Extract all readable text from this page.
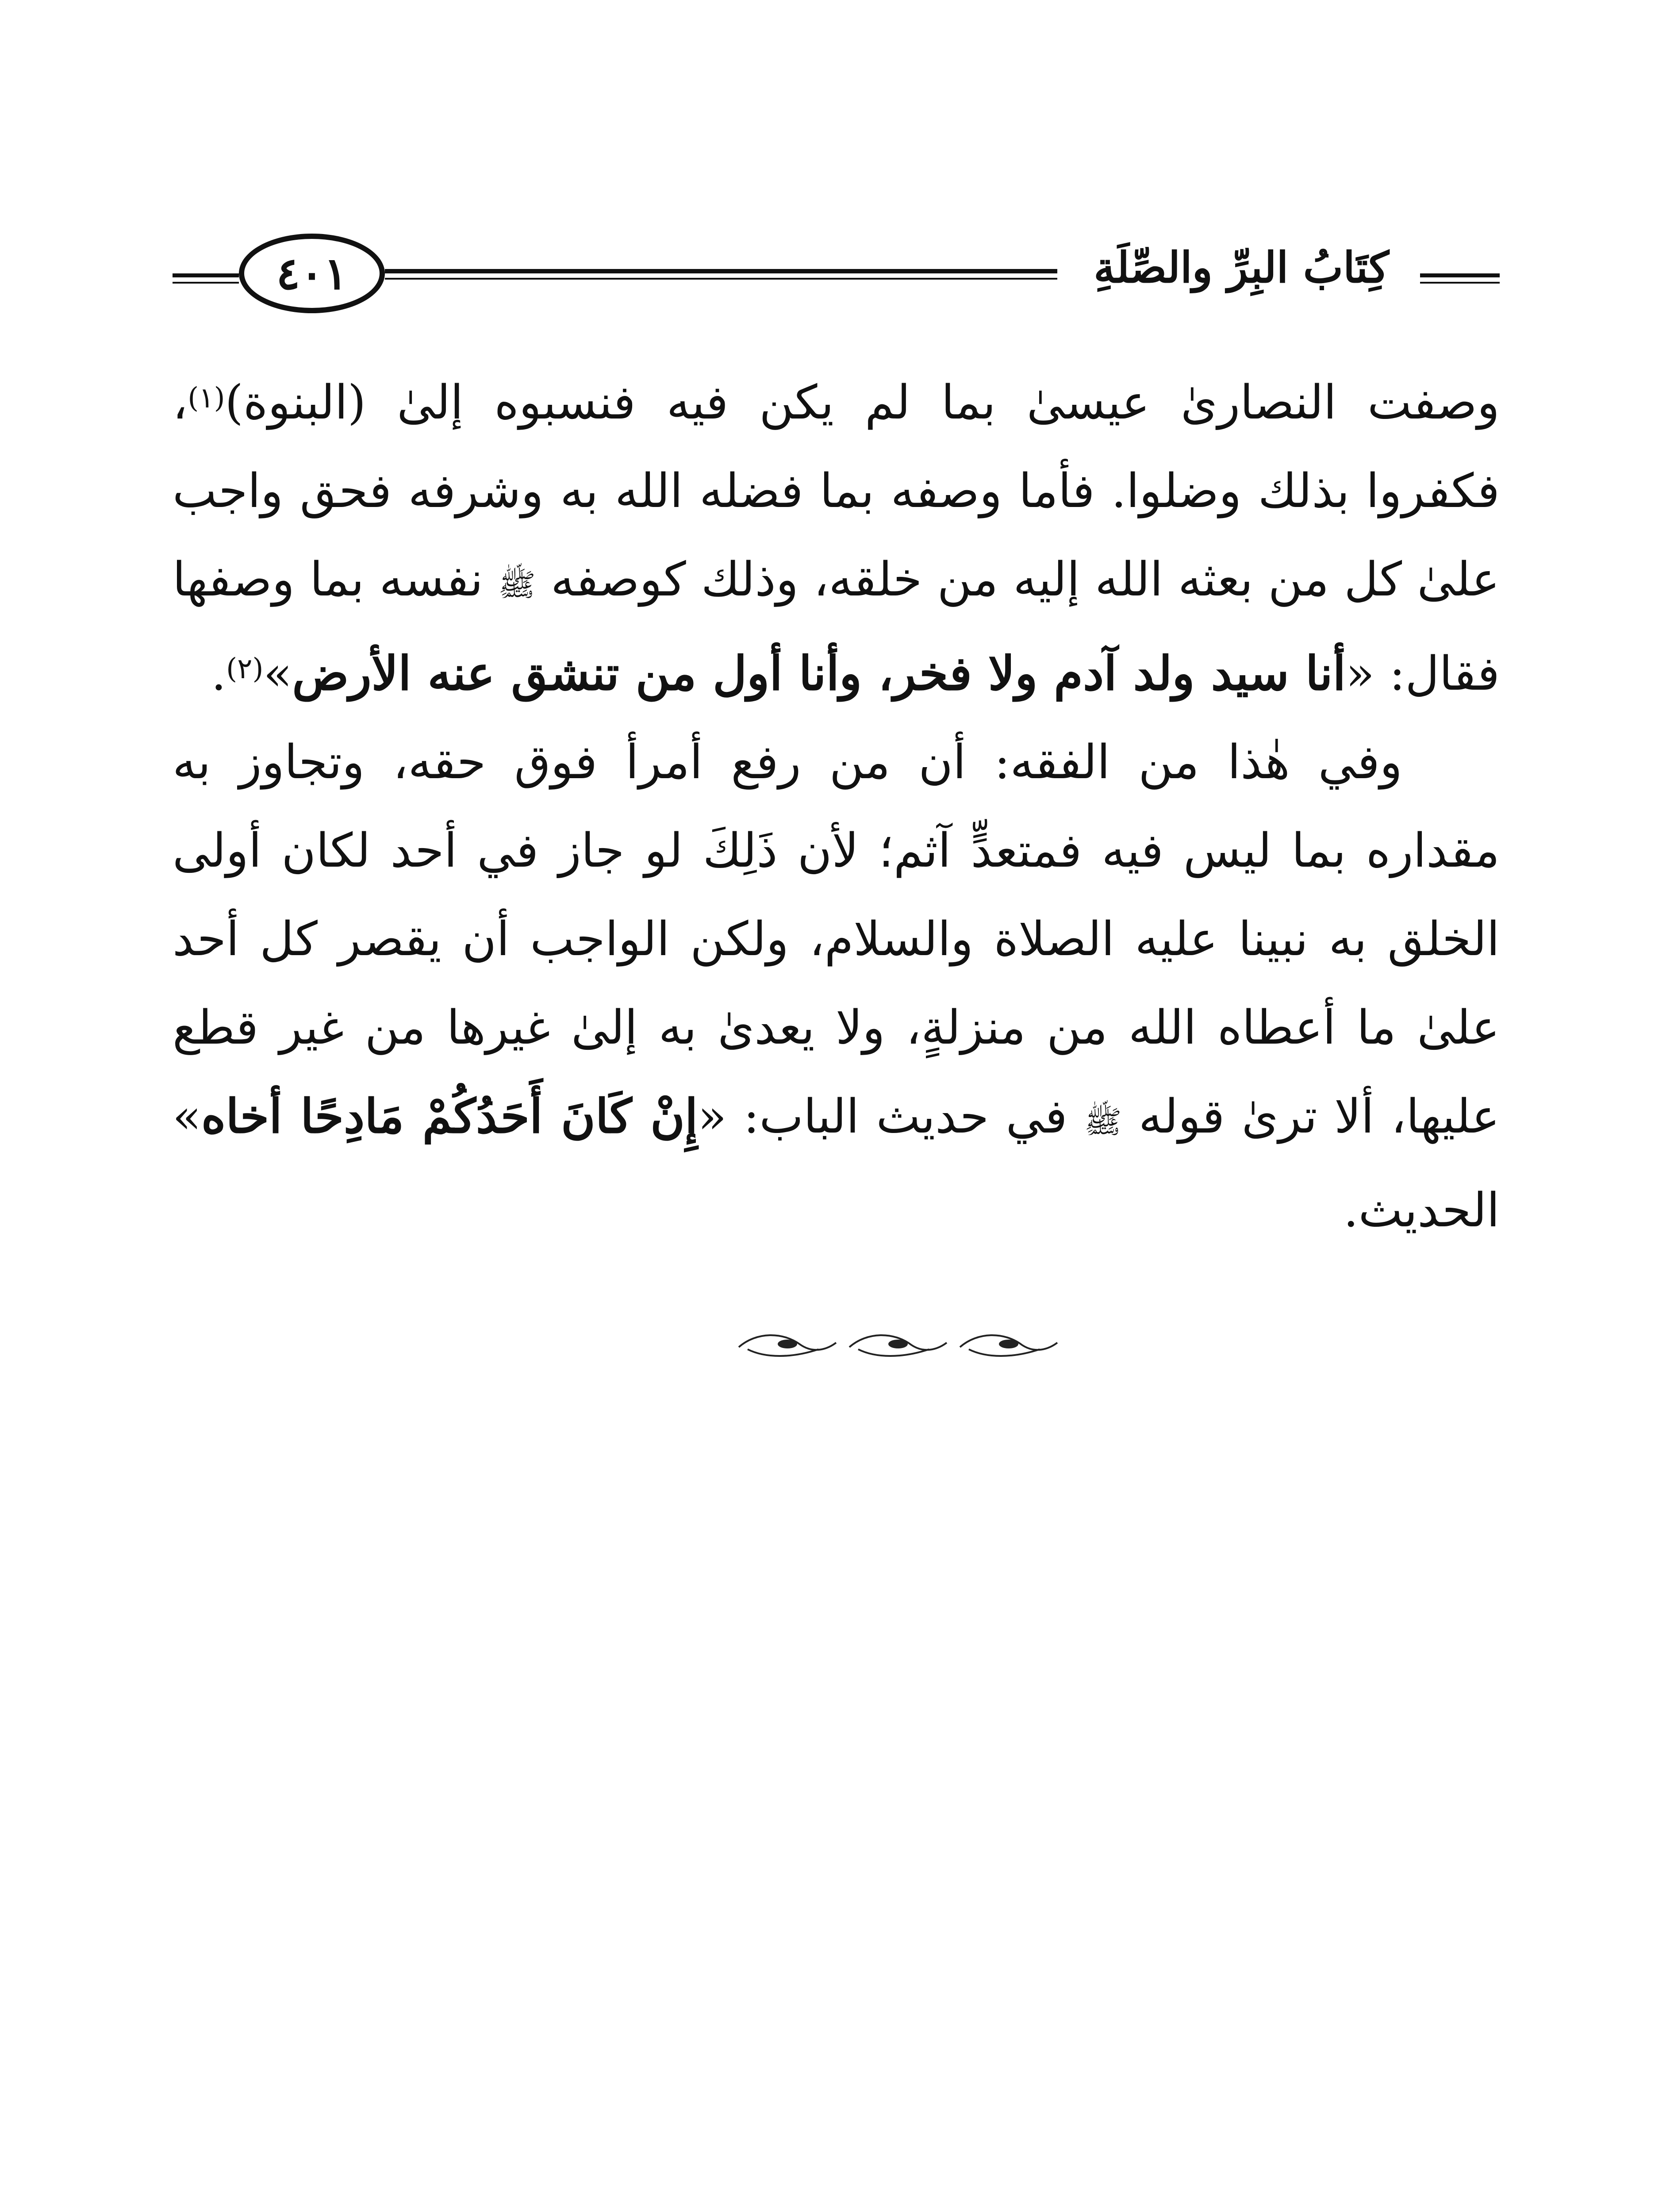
كِتَابُ البِرِّ والصِّلَةِ
٤٠١

وصفت النصارىٰ عيسىٰ بما لم يكن فيه فنسبوه إلىٰ (البنوة)$^{(١)}$، فكفروا بذلك وضلوا. فأما وصفه بما فضله الله به وشرفه فحق واجب علىٰ كل من بعثه الله إليه من خلقه، وذلك كوصفه ﷺ نفسه بما وصفها فقال: «أنا سيد ولد آدم ولا فخر، وأنا أول من تنشق عنه الأرض»$^{(٢)}$.

وفي هٰذا من الفقه: أن من رفع أمرأ فوق حقه، وتجاوز به مقداره بما ليس فيه فمتعدٍّ آثم؛ لأن ذَلِكَ لو جاز في أحد لكان أولى الخلق به نبينا عليه الصلاة والسلام، ولكن الواجب أن يقصر كل أحد علىٰ ما أعطاه الله من منزلةٍ، ولا يعدىٰ به إلىٰ غيرها من غير قطع عليها، ألا ترىٰ قوله ﷺ في حديث الباب: «إِنْ كَانَ أَحَدُكُمْ مَادِحًا أخاه» الحديث.
